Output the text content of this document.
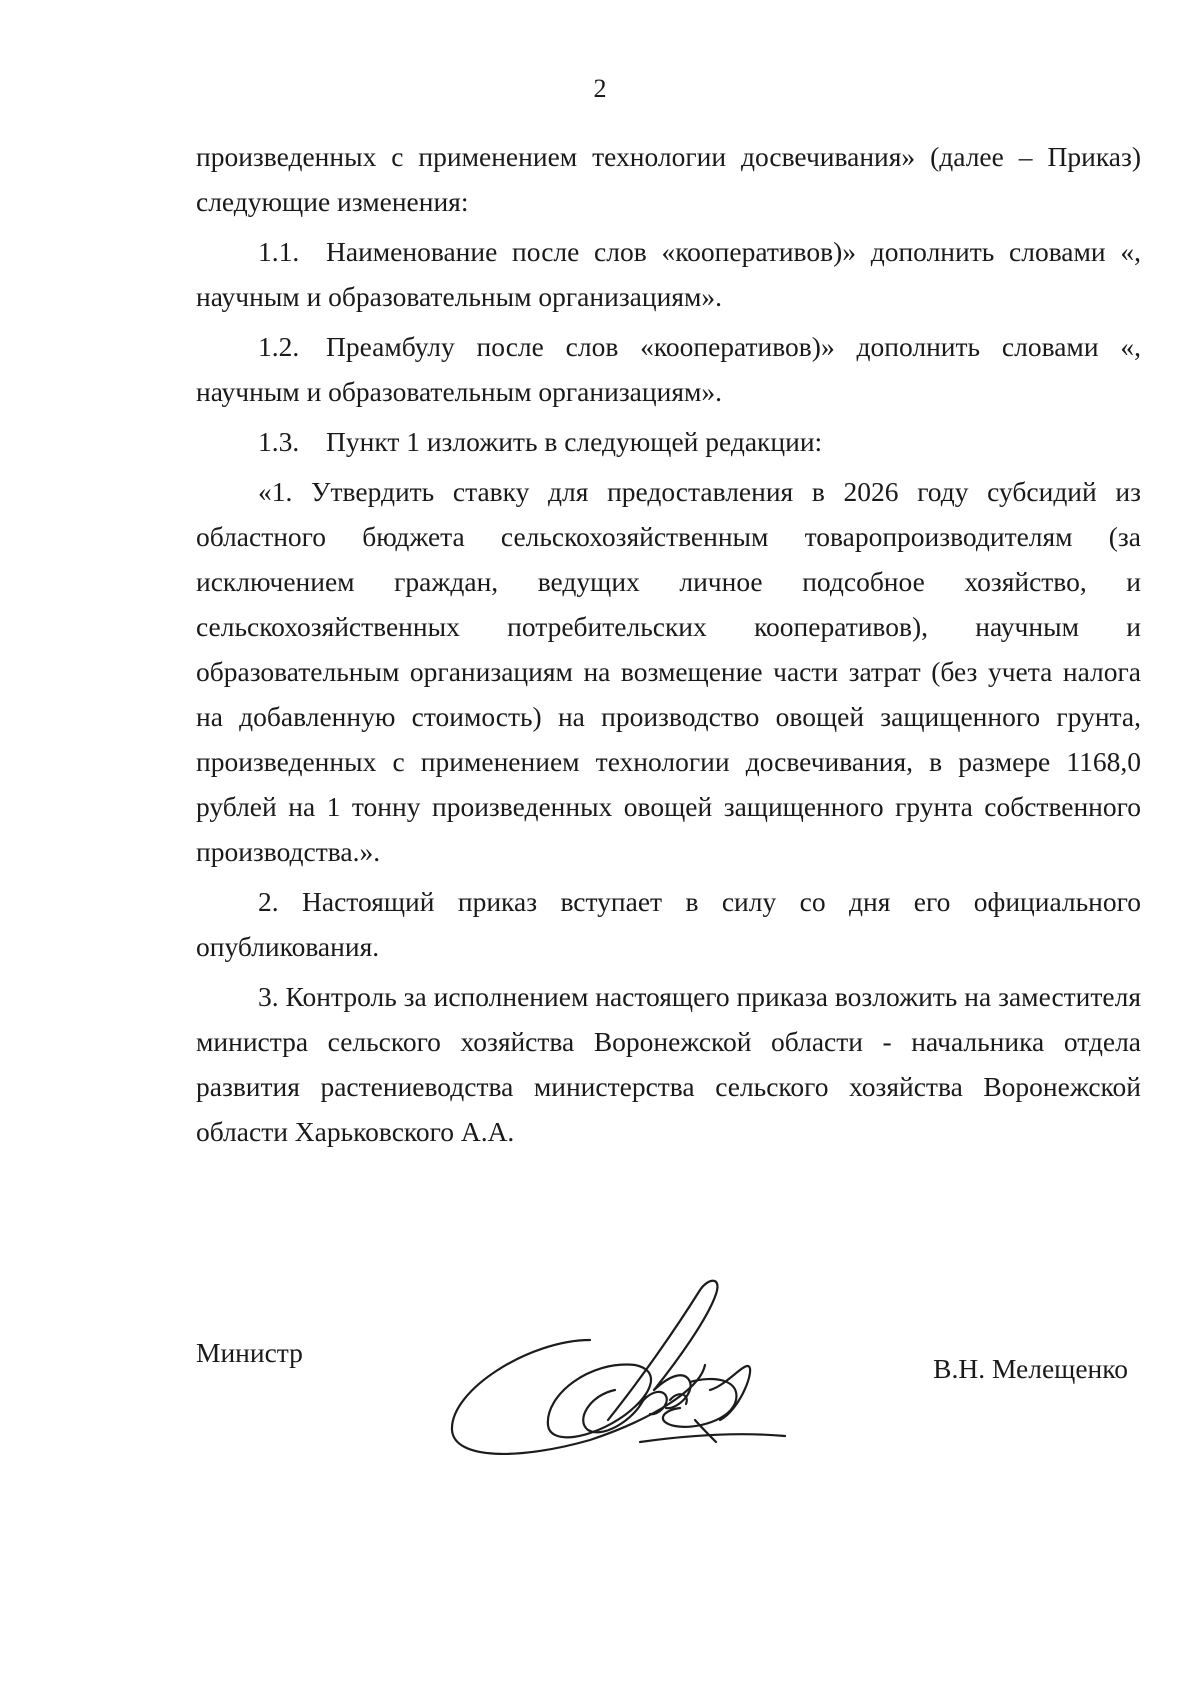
2

произведенных с применением технологии досвечивания» (далее – Приказ) следующие изменения:

1.1. Наименование после слов «кооперативов)» дополнить словами «, научным и образовательным организациям».

1.2. Преамбулу после слов «кооперативов)» дополнить словами «, научным и образовательным организациям».

1.3. Пункт 1 изложить в следующей редакции:

«1. Утвердить ставку для предоставления в 2026 году субсидий из областного бюджета сельскохозяйственным товаропроизводителям (за исключением граждан, ведущих личное подсобное хозяйство, и сельскохозяйственных потребительских кооперативов), научным и образовательным организациям на возмещение части затрат (без учета налога на добавленную стоимость) на производство овощей защищенного грунта, произведенных с применением технологии досвечивания, в размере 1168,0 рублей на 1 тонну произведенных овощей защищенного грунта собственного производства.».

2. Настоящий приказ вступает в силу со дня его официального опубликования.

3. Контроль за исполнением настоящего приказа возложить на заместителя министра сельского хозяйства Воронежской области - начальника отдела развития растениеводства министерства сельского хозяйства Воронежской области Харьковского А.А.

Министр
В.Н. Мелещенко
